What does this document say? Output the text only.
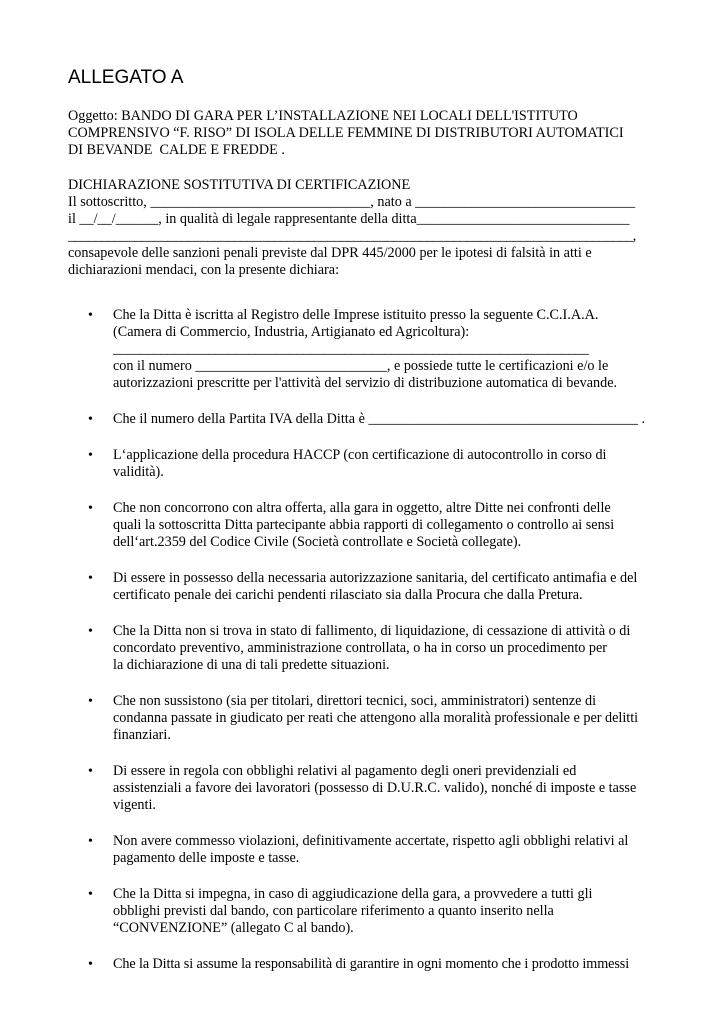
ALLEGATO A
Oggetto: BANDO DI GARA PER L’INSTALLAZIONE NEI LOCALI DELL'ISTITUTO
COMPRENSIVO “F. RISO” DI ISOLA DELLE FEMMINE DI DISTRIBUTORI AUTOMATICI
DI BEVANDE  CALDE E FREDDE .
DICHIARAZIONE SOSTITUTIVA DI CERTIFICAZIONE
Il sottoscritto, _______________________________, nato a _______________________________
il __/__/______, in qualità di legale rappresentante della ditta______________________________
_____________________________________________________________________________________,
consapevole delle sanzioni penali previste dal DPR 445/2000 per le ipotesi di falsità in atti e
dichiarazioni mendaci, con la presente dichiara:
• Che la Ditta è iscritta al Registro delle Imprese istituito presso la seguente C.C.I.A.A.
(Camera di Commercio, Industria, Artigianato ed Agricoltura):
______________________________________________________________________
con il numero ___________________________, e possiede tutte le certificazioni e/o le
autorizzazioni prescritte per l'attività del servizio di distribuzione automatica di bevande.
• Che il numero della Partita IVA della Ditta è ______________________________________ .
• L‘applicazione della procedura HACCP (con certificazione di autocontrollo in corso di
validità).
• Che non concorrono con altra offerta, alla gara in oggetto, altre Ditte nei confronti delle
quali la sottoscritta Ditta partecipante abbia rapporti di collegamento o controllo ai sensi
dell‘art.2359 del Codice Civile (Società controllate e Società collegate).
• Di essere in possesso della necessaria autorizzazione sanitaria, del certificato antimafia e del
certificato penale dei carichi pendenti rilasciato sia dalla Procura che dalla Pretura.
• Che la Ditta non si trova in stato di fallimento, di liquidazione, di cessazione di attività o di
concordato preventivo, amministrazione controllata, o ha in corso un procedimento per
la dichiarazione di una di tali predette situazioni.
• Che non sussistono (sia per titolari, direttori tecnici, soci, amministratori) sentenze di
condanna passate in giudicato per reati che attengono alla moralità professionale e per delitti
finanziari.
• Di essere in regola con obblighi relativi al pagamento degli oneri previdenziali ed
assistenziali a favore dei lavoratori (possesso di D.U.R.C. valido), nonché di imposte e tasse
vigenti.
• Non avere commesso violazioni, definitivamente accertate, rispetto agli obblighi relativi al
pagamento delle imposte e tasse.
• Che la Ditta si impegna, in caso di aggiudicazione della gara, a provvedere a tutti gli
obblighi previsti dal bando, con particolare riferimento a quanto inserito nella
“CONVENZIONE” (allegato C al bando).
• Che la Ditta si assume la responsabilità di garantire in ogni momento che i prodotto immessi
